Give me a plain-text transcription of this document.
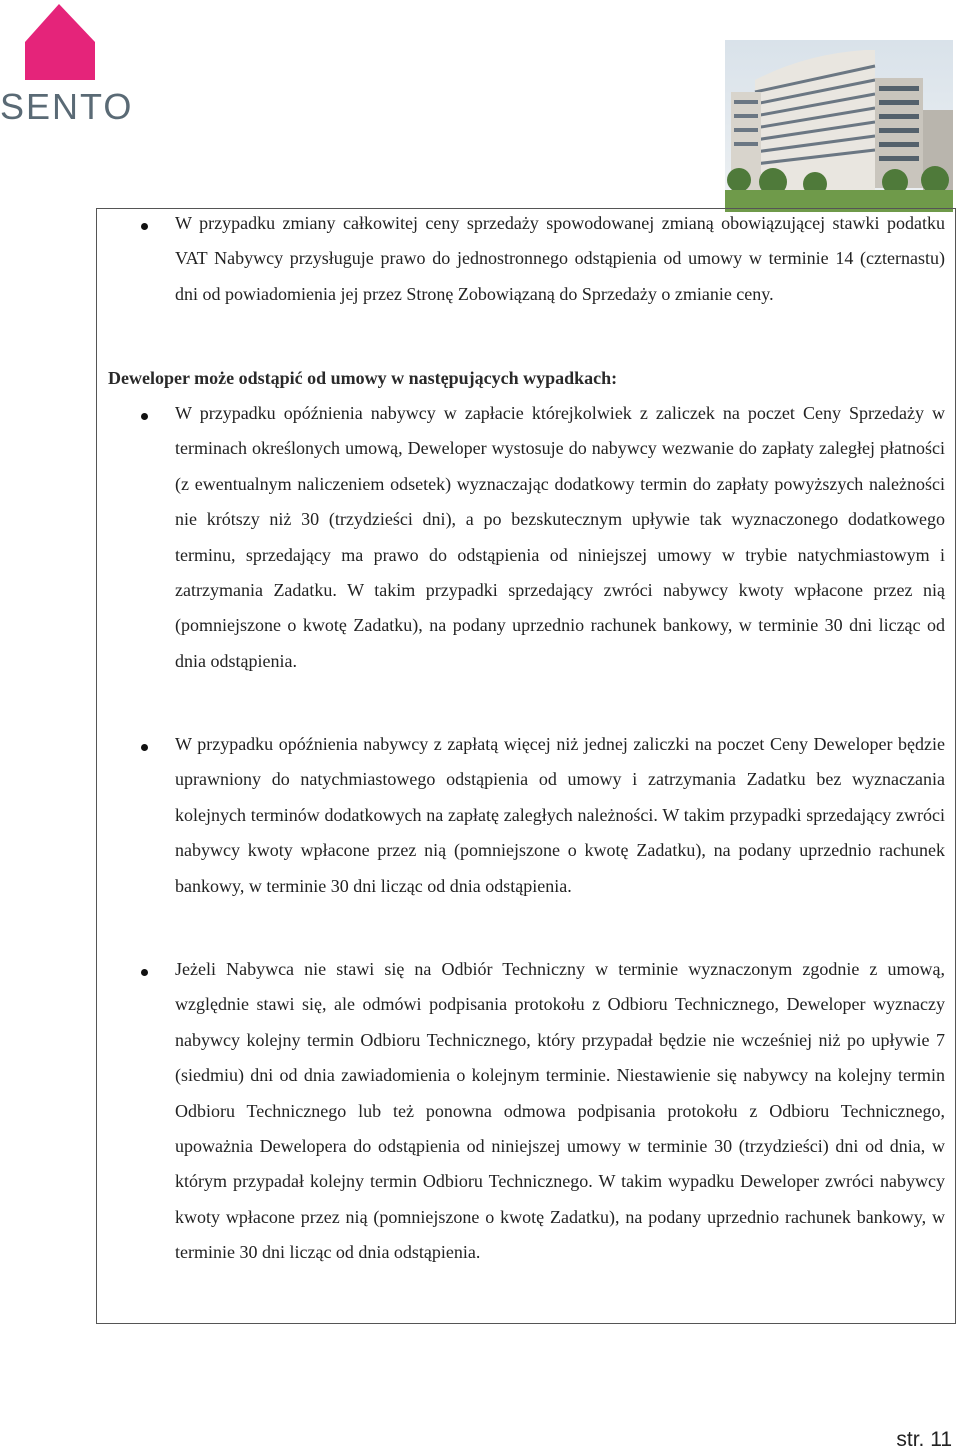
SENTO

W przypadku zmiany całkowitej ceny sprzedaży spowodowanej zmianą obowiązującej stawki podatku VAT Nabywcy przysługuje prawo do jednostronnego odstąpienia od umowy w terminie 14 (czternastu) dni od powiadomienia jej przez Stronę Zobowiązaną do Sprzedaży o zmianie ceny.

Deweloper może odstąpić od umowy w następujących wypadkach:

W przypadku opóźnienia nabywcy w zapłacie którejkolwiek z zaliczek na poczet Ceny Sprzedaży w terminach określonych umową, Deweloper wystosuje do nabywcy wezwanie do zapłaty zaległej płatności (z ewentualnym naliczeniem odsetek) wyznaczając dodatkowy termin do zapłaty powyższych należności nie krótszy niż 30 (trzydzieści dni), a po bezskutecznym upływie tak wyznaczonego dodatkowego terminu, sprzedający ma prawo do odstąpienia od niniejszej umowy w trybie natychmiastowym i zatrzymania Zadatku. W takim przypadki sprzedający zwróci nabywcy kwoty wpłacone przez nią (pomniejszone o kwotę Zadatku), na podany uprzednio rachunek bankowy, w terminie 30 dni licząc od dnia odstąpienia.

W przypadku opóźnienia nabywcy z zapłatą więcej niż jednej zaliczki na poczet Ceny Deweloper będzie uprawniony do natychmiastowego odstąpienia od umowy i zatrzymania Zadatku bez wyznaczania kolejnych terminów dodatkowych na zapłatę zaległych należności. W takim przypadki sprzedający zwróci nabywcy kwoty wpłacone przez nią (pomniejszone o kwotę Zadatku), na podany uprzednio rachunek bankowy, w terminie 30 dni licząc od dnia odstąpienia.

Jeżeli Nabywca nie stawi się na Odbiór Techniczny w terminie wyznaczonym zgodnie z umową, względnie stawi się, ale odmówi podpisania protokołu z Odbioru Technicznego, Deweloper wyznaczy nabywcy kolejny termin Odbioru Technicznego, który przypadał będzie nie wcześniej niż po upływie 7 (siedmiu) dni od dnia zawiadomienia o kolejnym terminie. Niestawienie się nabywcy na kolejny termin Odbioru Technicznego lub też ponowna odmowa podpisania protokołu z Odbioru Technicznego, upoważnia Dewelopera do odstąpienia od niniejszej umowy w terminie 30 (trzydzieści) dni od dnia, w którym przypadał kolejny termin Odbioru Technicznego. W takim wypadku Deweloper zwróci nabywcy kwoty wpłacone przez nią (pomniejszone o kwotę Zadatku), na podany uprzednio rachunek bankowy, w terminie 30 dni licząc od dnia odstąpienia.

str. 11
